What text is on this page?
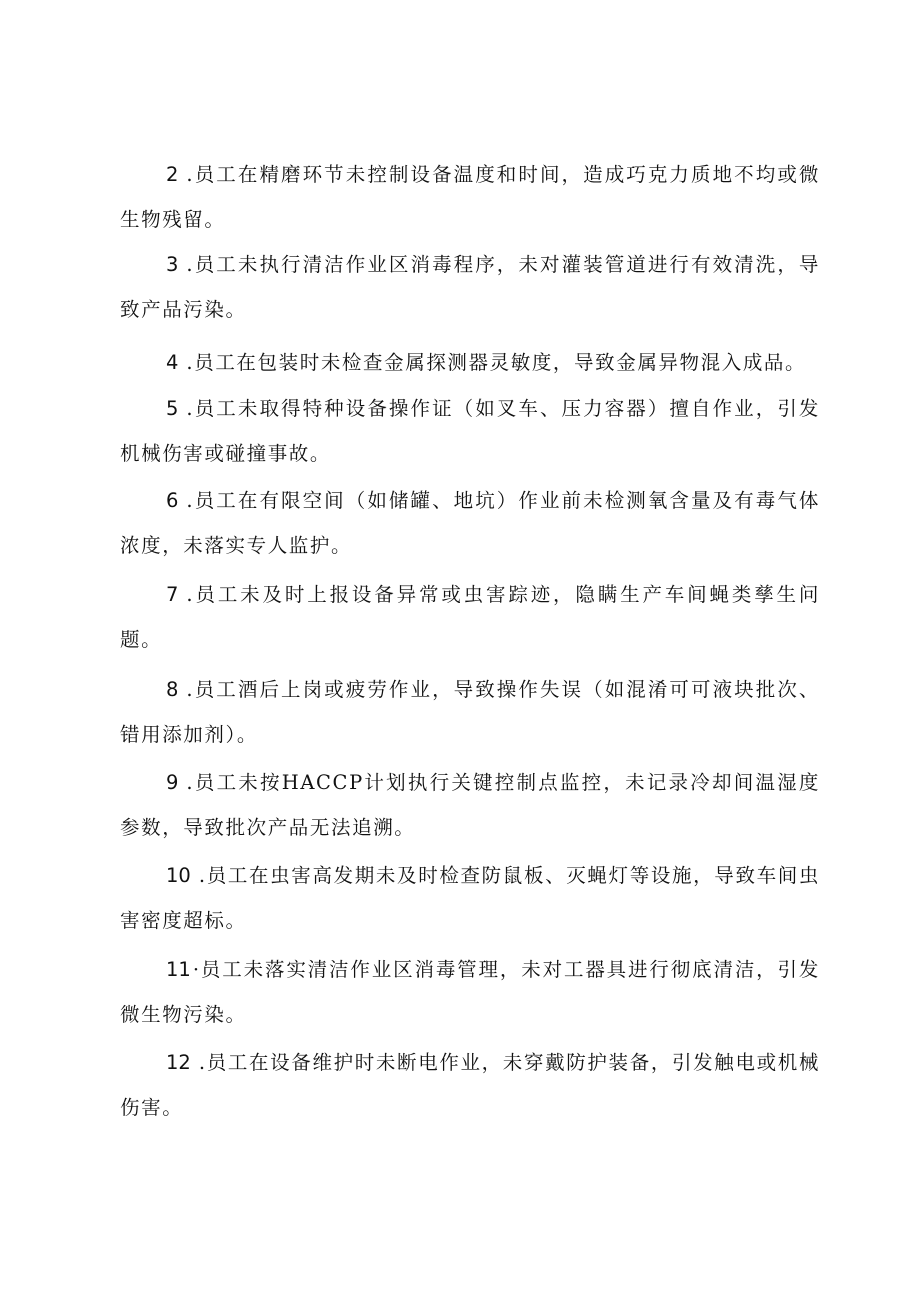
2 .员工在精磨环节未控制设备温度和时间，造成巧克力质地不均或微生物残留。

3 .员工未执行清洁作业区消毒程序，未对灌装管道进行有效清洗，导致产品污染。

4 .员工在包装时未检查金属探测器灵敏度，导致金属异物混入成品。

5 .员工未取得特种设备操作证（如叉车、压力容器）擅自作业，引发机械伤害或碰撞事故。

6 .员工在有限空间（如储罐、地坑）作业前未检测氧含量及有毒气体浓度，未落实专人监护。

7 .员工未及时上报设备异常或虫害踪迹，隐瞒生产车间蝇类孳生问题。

8 .员工酒后上岗或疲劳作业，导致操作失误（如混淆可可液块批次、错用添加剂）。

9 .员工未按HACCP计划执行关键控制点监控，未记录冷却间温湿度参数，导致批次产品无法追溯。

10 .员工在虫害高发期未及时检查防鼠板、灭蝇灯等设施，导致车间虫害密度超标。

11 ·员工未落实清洁作业区消毒管理，未对工器具进行彻底清洁，引发微生物污染。

12 .员工在设备维护时未断电作业，未穿戴防护装备，引发触电或机械伤害。
